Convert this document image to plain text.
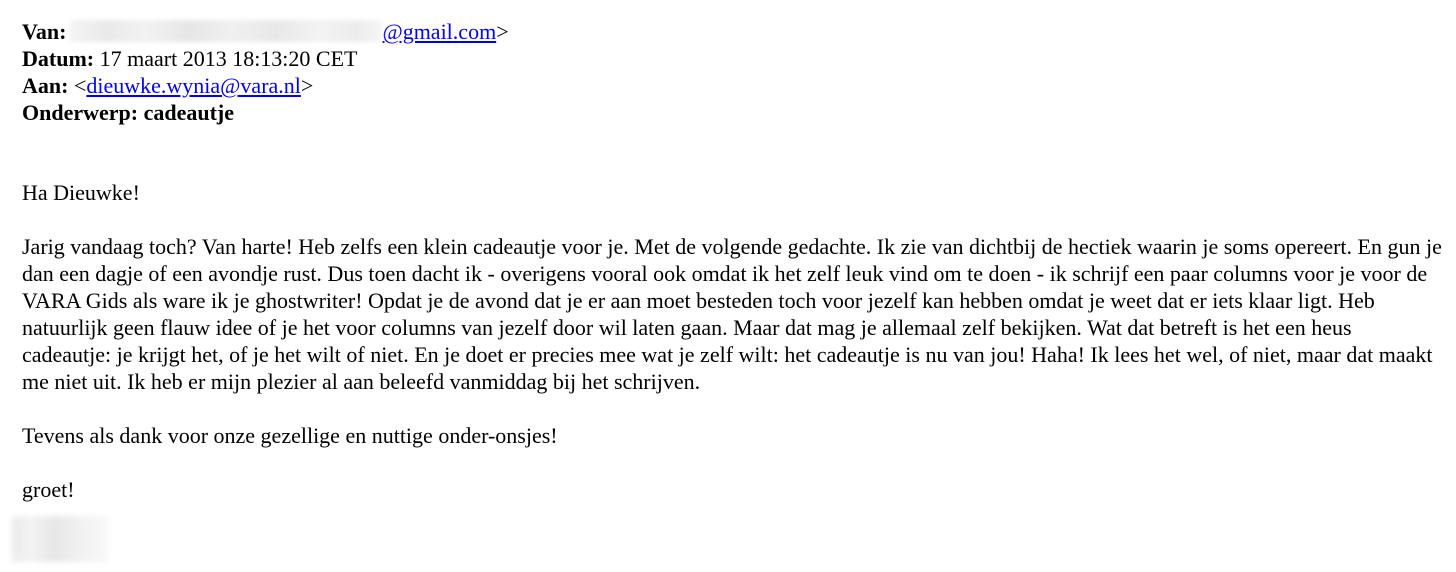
Van:	@gmail.com>
Datum: 17 maart 2013 18:13:20 CET
Aan: <dieuwke.wynia@vara.nl>
Onderwerp: cadeautje

Ha Dieuwke!

Jarig vandaag toch? Van harte! Heb zelfs een klein cadeautje voor je. Met de volgende gedachte. Ik zie van dichtbij de hectiek waarin je soms opereert. En gun je dan een dagje of een avondje rust. Dus toen dacht ik - overigens vooral ook omdat ik het zelf leuk vind om te doen - ik schrijf een paar columns voor je voor de VARA Gids als ware ik je ghostwriter! Opdat je de avond dat je er aan moet besteden toch voor jezelf kan hebben omdat je weet dat er iets klaar ligt. Heb natuurlijk geen flauw idee of je het voor columns van jezelf door wil laten gaan. Maar dat mag je allemaal zelf bekijken. Wat dat betreft is het een heus cadeautje: je krijgt het, of je het wilt of niet. En je doet er precies mee wat je zelf wilt: het cadeautje is nu van jou! Haha! Ik lees het wel, of niet, maar dat maakt me niet uit. Ik heb er mijn plezier al aan beleefd vanmiddag bij het schrijven.

Tevens als dank voor onze gezellige en nuttige onder-onsjes!

groet!
